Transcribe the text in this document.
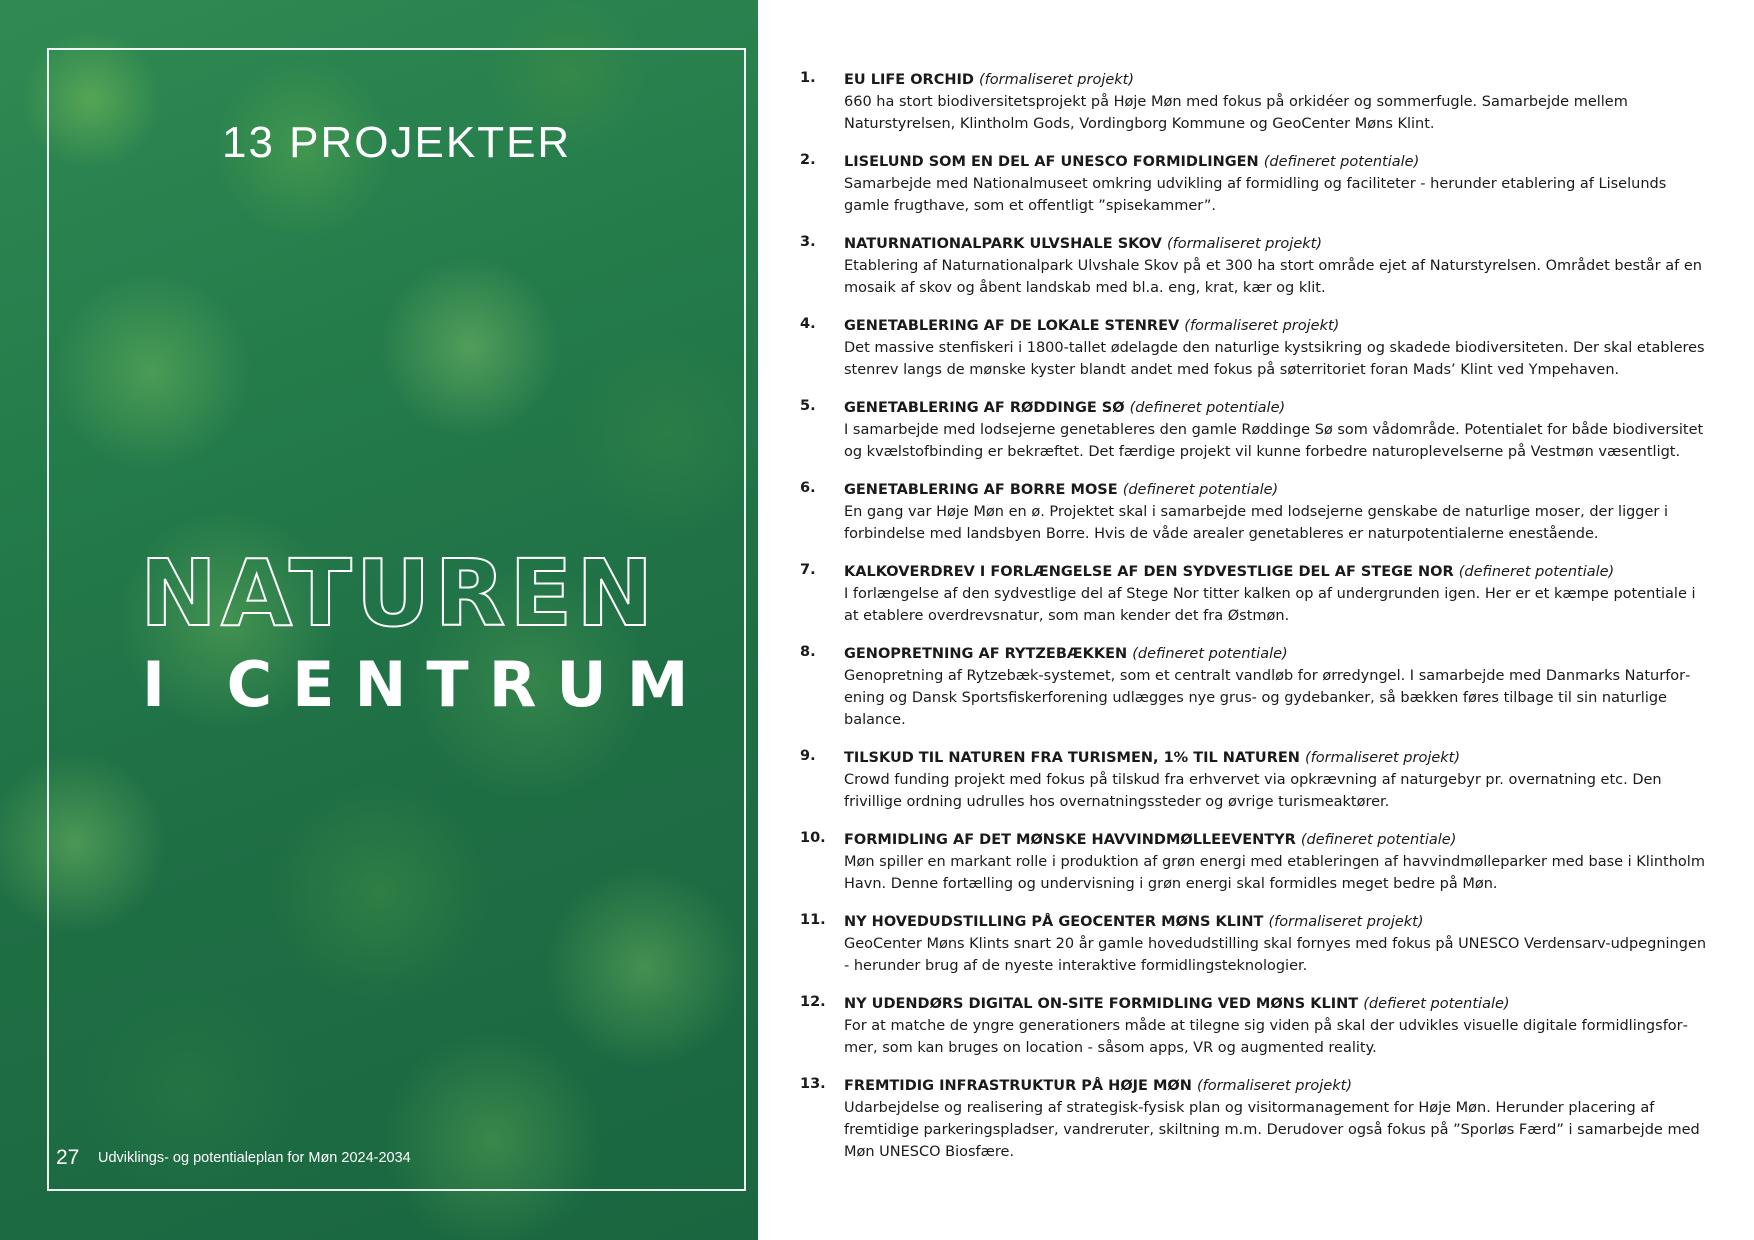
13 PROJEKTER
NATUREN
I CENTRUM
27 Udviklings- og potentialeplan for Møn 2024-2034
1.	EU LIFE ORCHID (formaliseret projekt)
660 ha stort biodiversitetsprojekt på Høje Møn med fokus på orkidéer og sommerfugle. Samarbejde mellem Naturstyrelsen, Klintholm Gods, Vordingborg Kommune og GeoCenter Møns Klint.
2.	LISELUND SOM EN DEL AF UNESCO FORMIDLINGEN (defineret potentiale)
Samarbejde med Nationalmuseet omkring udvikling af formidling og faciliteter - herunder etablering af Liselunds gamle frugthave, som et offentligt ”spisekammer”.
3.	NATURNATIONALPARK ULVSHALE SKOV (formaliseret projekt)
Etablering af Naturnationalpark Ulvshale Skov på et 300 ha stort område ejet af Naturstyrelsen. Området består af en mosaik af skov og åbent landskab med bl.a. eng, krat, kær og klit.
4.	GENETABLERING AF DE LOKALE STENREV (formaliseret projekt)
Det massive stenfiskeri i 1800-tallet ødelagde den naturlige kystsikring og skadede biodiversiteten. Der skal etableres stenrev langs de mønske kyster blandt andet med fokus på søterritoriet foran Mads’ Klint ved Ympehaven.
5.	GENETABLERING AF RØDDINGE SØ (defineret potentiale)
I samarbejde med lodsejerne genetableres den gamle Røddinge Sø som vådområde. Potentialet for både biodiversitet og kvælstofbinding er bekræftet. Det færdige projekt vil kunne forbedre naturoplevelserne på Vestmøn væsentligt.
6.	GENETABLERING AF BORRE MOSE (defineret potentiale)
En gang var Høje Møn en ø. Projektet skal i samarbejde med lodsejerne genskabe de naturlige moser, der ligger i forbindelse med landsbyen Borre. Hvis de våde arealer genetableres er naturpotentialerne enestående.
7.	KALKOVERDREV I FORLÆNGELSE AF DEN SYDVESTLIGE DEL AF STEGE NOR (defineret potentiale)
I forlængelse af den sydvestlige del af Stege Nor titter kalken op af undergrunden igen. Her er et kæmpe potentiale i at etablere overdrevsnatur, som man kender det fra Østmøn.
8.	GENOPRETNING AF RYTZEBÆKKEN (defineret potentiale)
Genopretning af Rytzebæk-systemet, som et centralt vandløb for ørredyngel. I samarbejde med Danmarks Naturforening og Dansk Sportsfiskerforening udlægges nye grus- og gydebanker, så bækken føres tilbage til sin naturlige balance.
9.	TILSKUD TIL NATUREN FRA TURISMEN, 1% TIL NATUREN (formaliseret projekt)
Crowd funding projekt med fokus på tilskud fra erhvervet via opkrævning af naturgebyr pr. overnatning etc. Den frivillige ordning udrulles hos overnatningssteder og øvrige turismeaktører.
10.	FORMIDLING AF DET MØNSKE HAVVINDMØLLEEVENTYR (defineret potentiale)
Møn spiller en markant rolle i produktion af grøn energi med etableringen af havvindmølleparker med base i Klintholm Havn. Denne fortælling og undervisning i grøn energi skal formidles meget bedre på Møn.
11.	NY HOVEDUDSTILLING PÅ GEOCENTER MØNS KLINT (formaliseret projekt)
GeoCenter Møns Klints snart 20 år gamle hovedudstilling skal fornyes med fokus på UNESCO Verdensarv-udpegningen - herunder brug af de nyeste interaktive formidlingsteknologier.
12.	NY UDENDØRS DIGITAL ON-SITE FORMIDLING VED MØNS KLINT (defieret potentiale)
For at matche de yngre generationers måde at tilegne sig viden på skal der udvikles visuelle digitale formidlingsformer, som kan bruges on location - såsom apps, VR og augmented reality.
13.	FREMTIDIG INFRASTRUKTUR PÅ HØJE MØN (formaliseret projekt)
Udarbejdelse og realisering af strategisk-fysisk plan og visitormanagement for Høje Møn. Herunder placering af fremtidige parkeringspladser, vandreruter, skiltning m.m. Derudover også fokus på ”Sporløs Færd” i samarbejde med Møn UNESCO Biosfære.
